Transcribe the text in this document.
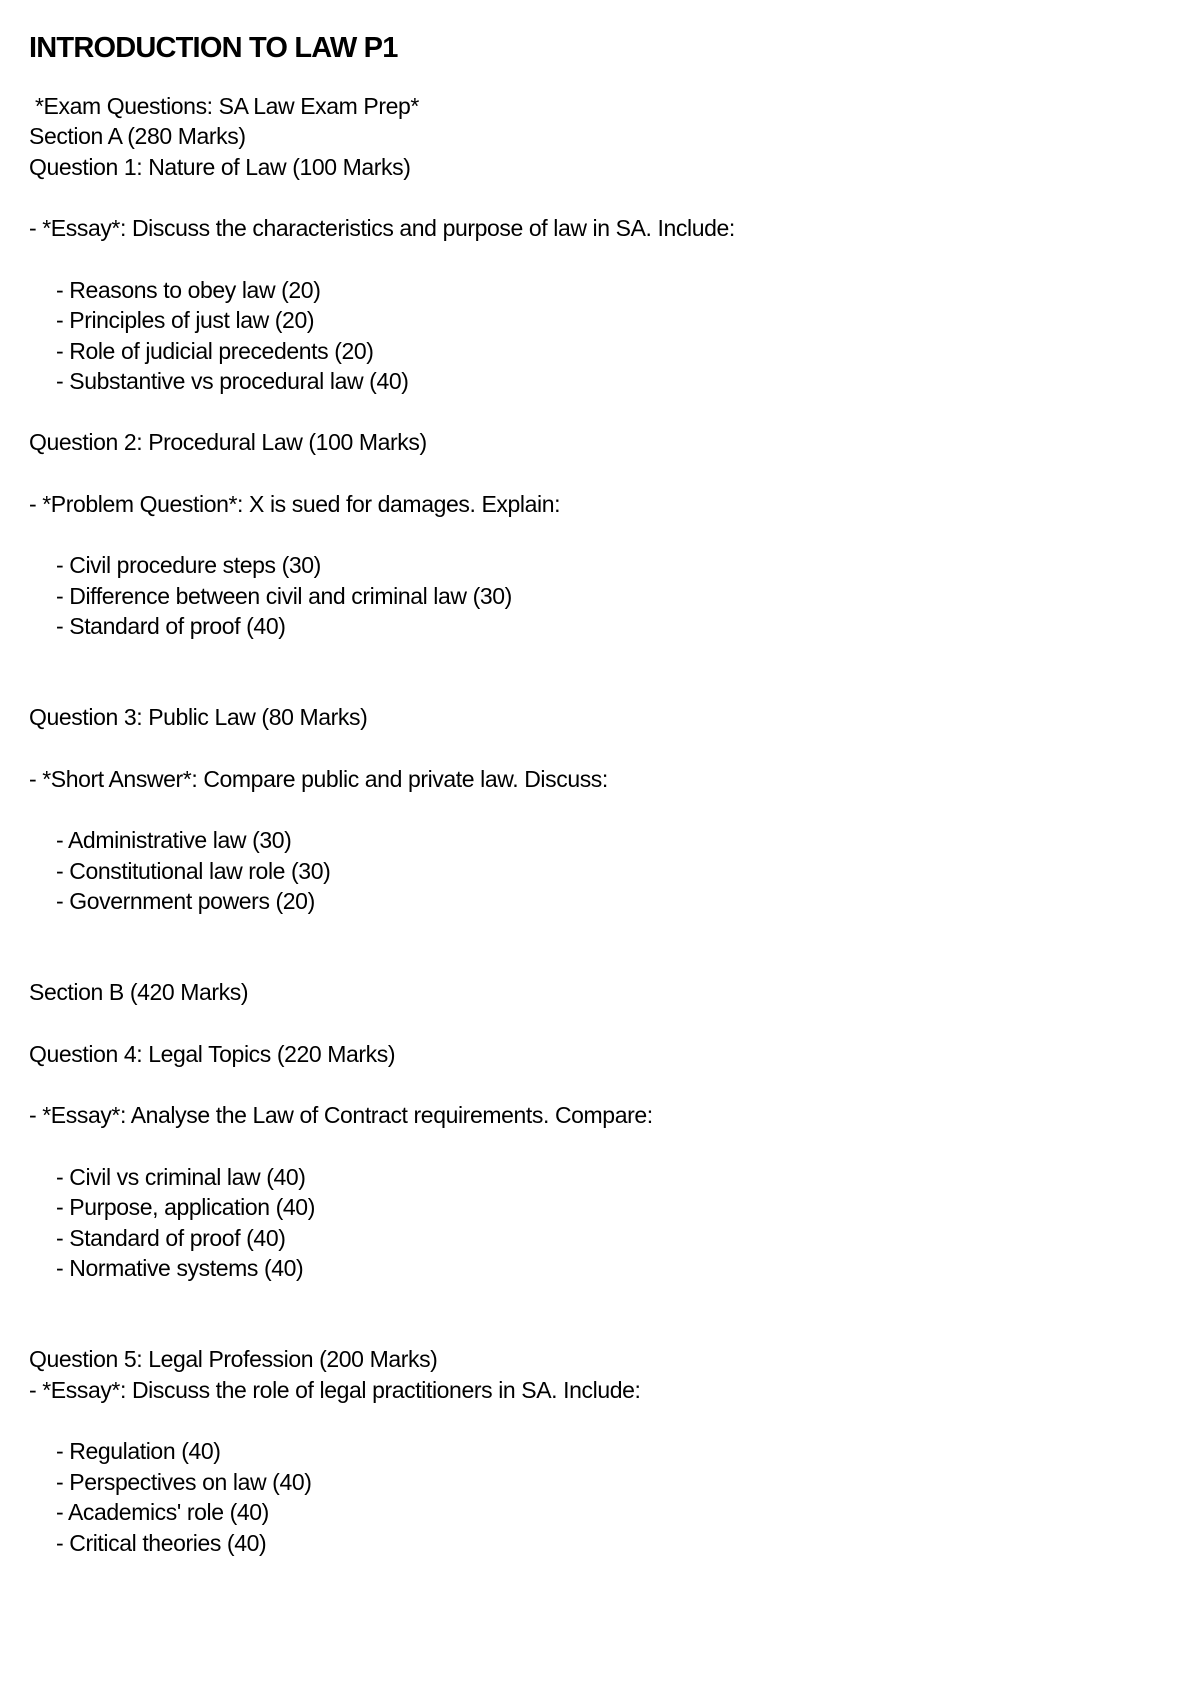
INTRODUCTION TO LAW P1
*Exam Questions: SA Law Exam Prep*
Section A (280 Marks)
Question 1: Nature of Law (100 Marks)
- *Essay*: Discuss the characteristics and purpose of law in SA. Include:
- Reasons to obey law (20)
- Principles of just law (20)
- Role of judicial precedents (20)
- Substantive vs procedural law (40)
Question 2: Procedural Law (100 Marks)
- *Problem Question*: X is sued for damages. Explain:
- Civil procedure steps (30)
- Difference between civil and criminal law (30)
- Standard of proof (40)
Question 3: Public Law (80 Marks)
- *Short Answer*: Compare public and private law. Discuss:
- Administrative law (30)
- Constitutional law role (30)
- Government powers (20)
Section B (420 Marks)
Question 4: Legal Topics (220 Marks)
- *Essay*: Analyse the Law of Contract requirements. Compare:
- Civil vs criminal law (40)
- Purpose, application (40)
- Standard of proof (40)
- Normative systems (40)
Question 5: Legal Profession (200 Marks)
- *Essay*: Discuss the role of legal practitioners in SA. Include:
- Regulation (40)
- Perspectives on law (40)
- Academics' role (40)
- Critical theories (40)
